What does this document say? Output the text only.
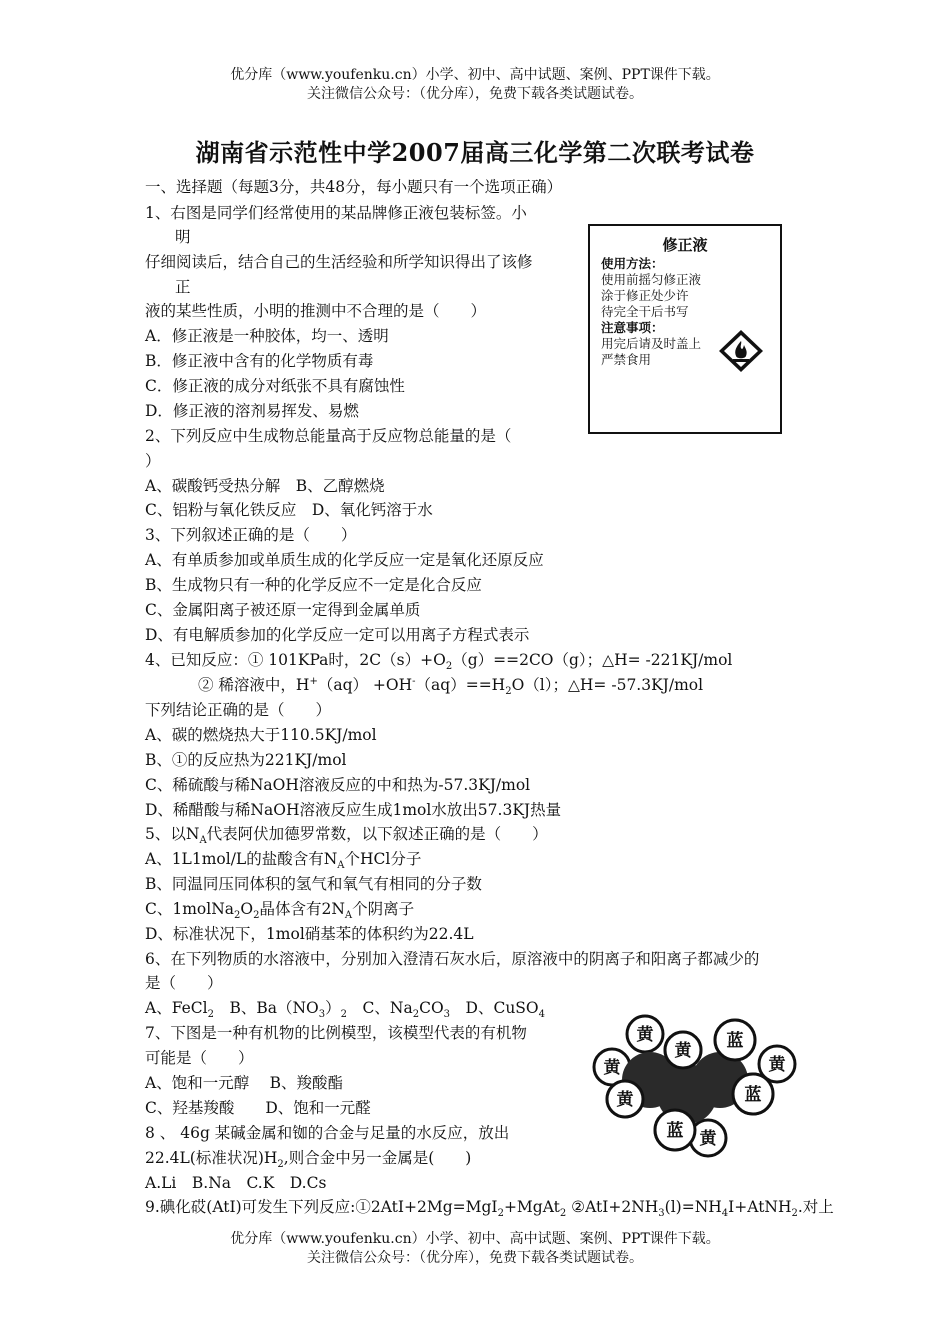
优分库（www.youfenku.cn）小学、初中、高中试题、案例、PPT课件下载。
关注微信公众号：（优分库），免费下载各类试题试卷。
湖南省示范性中学2007届高三化学第二次联考试卷
一、选择题（每题3分，共48分，每小题只有一个选项正确）
1、右图是同学们经常使用的某品牌修正液包装标签。小
明
仔细阅读后，结合自己的生活经验和所学知识得出了该修
正
液的某些性质，小明的推测中不合理的是（　　）
A．修正液是一种胶体，均一、透明
B．修正液中含有的化学物质有毒
C．修正液的成分对纸张不具有腐蚀性
D．修正液的溶剂易挥发、易燃
修正液
使用方法：
使用前摇匀修正液
涂于修正处少许
待完全干后书写
注意事项：
用完后请及时盖上
严禁食用
2、下列反应中生成物总能量高于反应物总能量的是（
）
A、碳酸钙受热分解　B、乙醇燃烧
C、铝粉与氧化铁反应　D、氧化钙溶于水
3、下列叙述正确的是（　　）
A、有单质参加或单质生成的化学反应一定是氧化还原反应
B、生成物只有一种的化学反应不一定是化合反应
C、金属阳离子被还原一定得到金属单质
D、有电解质参加的化学反应一定可以用离子方程式表示
4、已知反应：① 101KPa时，$2C(s)+O_2(g)==2CO(g)$；△H= -221KJ/mol
② 稀溶液中，$H^+(aq) +OH^-(aq)==H_2O(l)$；△H= -57.3KJ/mol
下列结论正确的是（　　）
A、碳的燃烧热大于110.5KJ/mol
B、①的反应热为221KJ/mol
C、稀硫酸与稀NaOH溶液反应的中和热为-57.3KJ/mol
D、稀醋酸与稀NaOH溶液反应生成1mol水放出57.3KJ热量
5、以$N_A$代表阿伏加德罗常数，以下叙述正确的是（　　）
A、1L1mol/L的盐酸含有$N_A$个HCl分子
B、同温同压同体积的氢气和氧气有相同的分子数
C、$1molNa_2O_2$晶体含有$2N_A$个阴离子
D、标准状况下，1mol硝基苯的体积约为22.4L
6、在下列物质的水溶液中，分别加入澄清石灰水后，原溶液中的阴离子和阳离子都减少的
是（　　）
A、FeCl$_2$　B、$Ba(NO_3)_2$　C、$Na_2CO_3$　D、CuSO$_4$
7、下图是一种有机物的比例模型，该模型代表的有机物
可能是（　　）
A、饱和一元醇　 B、羧酸酯
C、羟基羧酸　　D、饱和一元醛
黄
黄 蓝
黄	黄
黄	蓝
蓝 黄
8 、 46g 某碱金属和铷的合金与足量的水反应，放出
22.4L(标准状况)$H_2$,则合金中另一金属是(　　)
A.Li　B.Na　C.K　D.Cs
9.碘化砹(AtI)可发生下列反应:①2AtI+2Mg=MgI$_2$+MgAt$_2$ $②AtI+2NH_3(l)=NH_4I+AtNH_2$.对上
优分库（www.youfenku.cn）小学、初中、高中试题、案例、PPT课件下载。
关注微信公众号：（优分库），免费下载各类试题试卷。
